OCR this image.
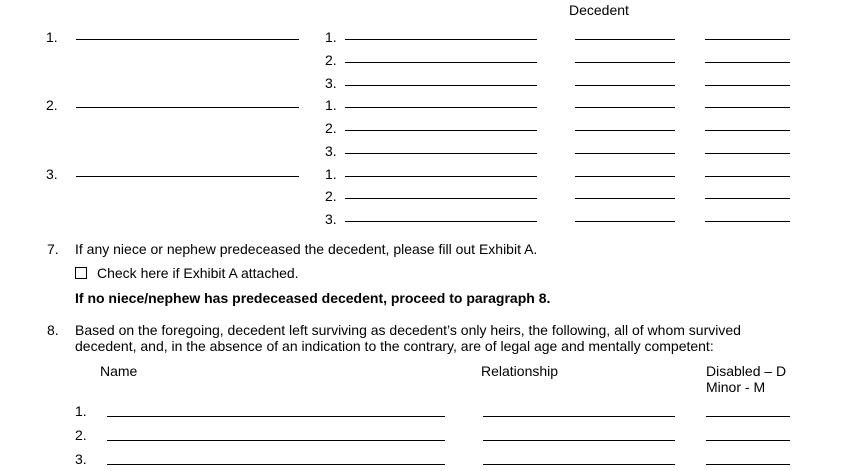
Decedent
1.	1.
2.
3.
2.	1.
2.
3.
3.	1.
2.
3.
7. If any niece or nephew predeceased the decedent, please fill out Exhibit A.
Check here if Exhibit A attached.
If no niece/nephew has predeceased decedent, proceed to paragraph 8.
8. Based on the foregoing, decedent left surviving as decedent’s only heirs, the following, all of whom survived
decedent, and, in the absence of an indication to the contrary, are of legal age and mentally competent:
Name	Relationship	Disabled – D
Minor - M
1.
2.
3.
